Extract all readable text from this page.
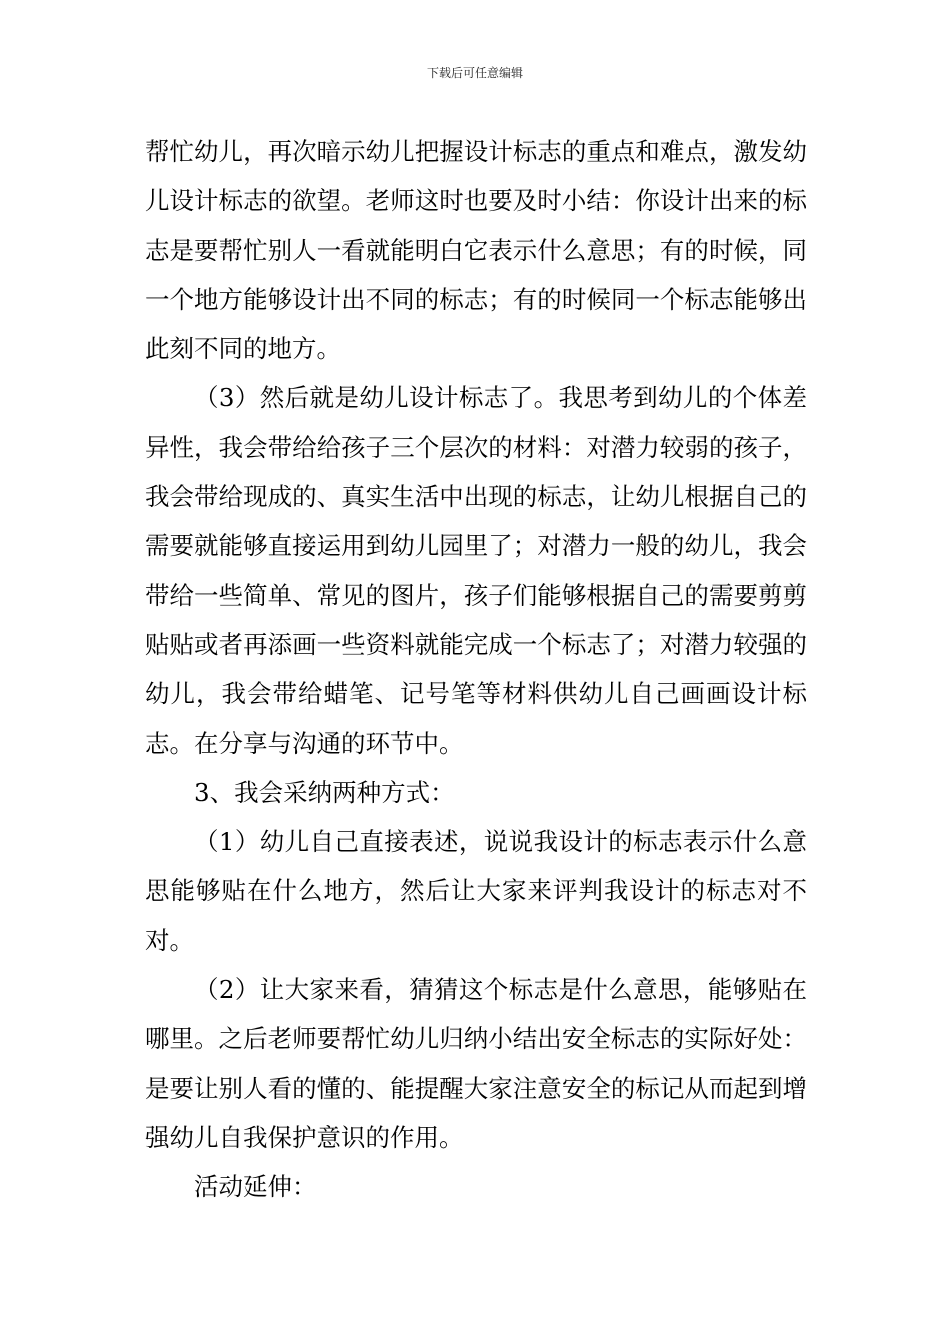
下载后可任意编辑

帮忙幼儿，再次暗示幼儿把握设计标志的重点和难点，激发幼儿设计标志的欲望。老师这时也要及时小结：你设计出来的标志是要帮忙别人一看就能明白它表示什么意思；有的时候，同一个地方能够设计出不同的标志；有的时候同一个标志能够出此刻不同的地方。

（3）然后就是幼儿设计标志了。我思考到幼儿的个体差异性，我会带给给孩子三个层次的材料：对潜力较弱的孩子，我会带给现成的、真实生活中出现的标志，让幼儿根据自己的需要就能够直接运用到幼儿园里了；对潜力一般的幼儿，我会带给一些简单、常见的图片，孩子们能够根据自己的需要剪剪贴贴或者再添画一些资料就能完成一个标志了；对潜力较强的幼儿，我会带给蜡笔、记号笔等材料供幼儿自己画画设计标志。在分享与沟通的环节中。

3、我会采纳两种方式：

（1）幼儿自己直接表述，说说我设计的标志表示什么意思能够贴在什么地方，然后让大家来评判我设计的标志对不对。

（2）让大家来看，猜猜这个标志是什么意思，能够贴在哪里。之后老师要帮忙幼儿归纳小结出安全标志的实际好处：是要让别人看的懂的、能提醒大家注意安全的标记从而起到增强幼儿自我保护意识的作用。

活动延伸：
